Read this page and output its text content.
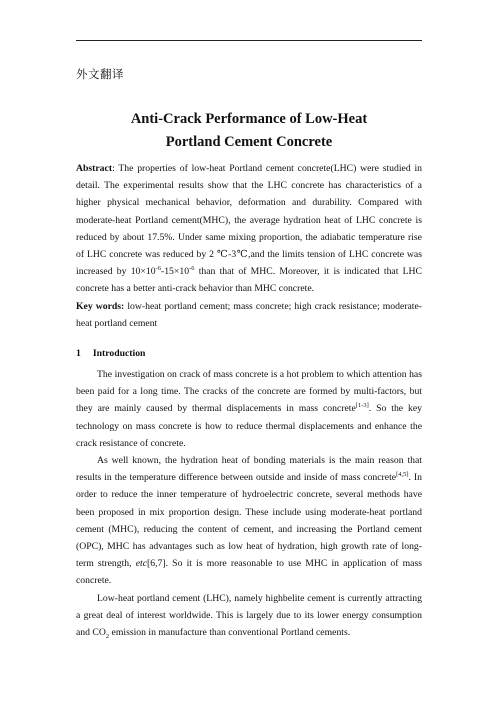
外文翻译
Anti-Crack Performance of Low-Heat
Portland Cement Concrete
Abstract: The properties of low-heat Portland cement concrete(LHC) were studied in detail. The experimental results show that the LHC concrete has characteristics of a higher physical mechanical behavior, deformation and durability. Compared with moderate-heat Portland cement(MHC), the average hydration heat of LHC concrete is reduced by about 17.5%. Under same mixing proportion, the adiabatic temperature rise of LHC concrete was reduced by 2 ℃-3℃,and the limits tension of LHC concrete was increased by $10\times 10^{-6}-15\times 10^{-6}$ than that of MHC. Moreover, it is indicated that LHC concrete has a better anti-crack behavior than MHC concrete.
Key words: low-heat portland cement; mass concrete; high crack resistance; moderate-heat portland cement
1 Introduction

The investigation on crack of mass concrete is a hot problem to which attention has been paid for a long time. The cracks of the concrete are formed by multi-factors, but they are mainly caused by thermal displacements in mass concrete[1-3]. So the key technology on mass concrete is how to reduce thermal displacements and enhance the crack resistance of concrete.

As well known, the hydration heat of bonding materials is the main reason that results in the temperature difference between outside and inside of mass concrete[4,5]. In order to reduce the inner temperature of hydroelectric concrete, several methods have been proposed in mix proportion design. These include using moderate-heat portland cement (MHC), reducing the content of cement, and increasing the Portland cement (OPC), MHC has advantages such as low heat of hydration, high growth rate of long-term strength, etc[6,7]. So it is more reasonable to use MHC in application of mass concrete.

Low-heat portland cement (LHC), namely highbelite cement is currently attracting a great deal of interest worldwide. This is largely due to its lower energy consumption and $CO_2$ emission in manufacture than conventional Portland cements.
